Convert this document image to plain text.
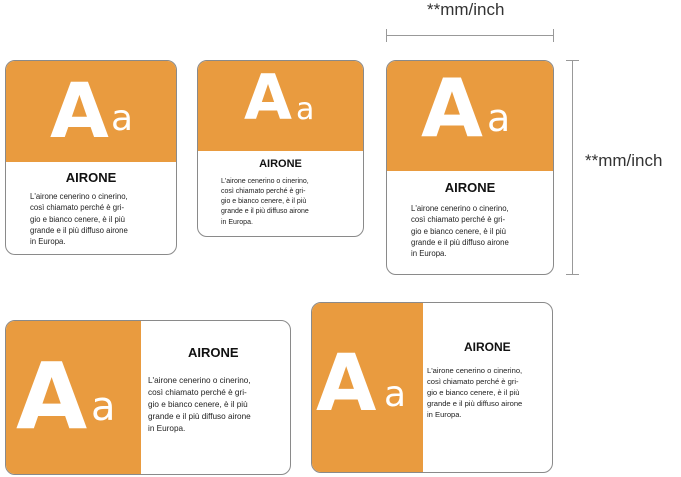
**mm/inch
**mm/inch
A a
AIRONE
L'airone cenerino o cinerino,
così chiamato perché è gri-
gio e bianco cenere, è il più
grande e il più diffuso airone
in Europa.
A a
AIRONE
L'airone cenerino o cinerino,
così chiamato perché è gri-
gio e bianco cenere, è il più
grande e il più diffuso airone
in Europa.
A a
AIRONE
L'airone cenerino o cinerino,
così chiamato perché è gri-
gio e bianco cenere, è il più
grande e il più diffuso airone
in Europa.
A a
AIRONE
L'airone cenerino o cinerino,
così chiamato perché è gri-
gio e bianco cenere, è il più
grande e il più diffuso airone
in Europa.	A a
AIRONE
L'airone cenerino o cinerino,
così chiamato perché è gri-
gio e bianco cenere, è il più
grande e il più diffuso airone
in Europa.
